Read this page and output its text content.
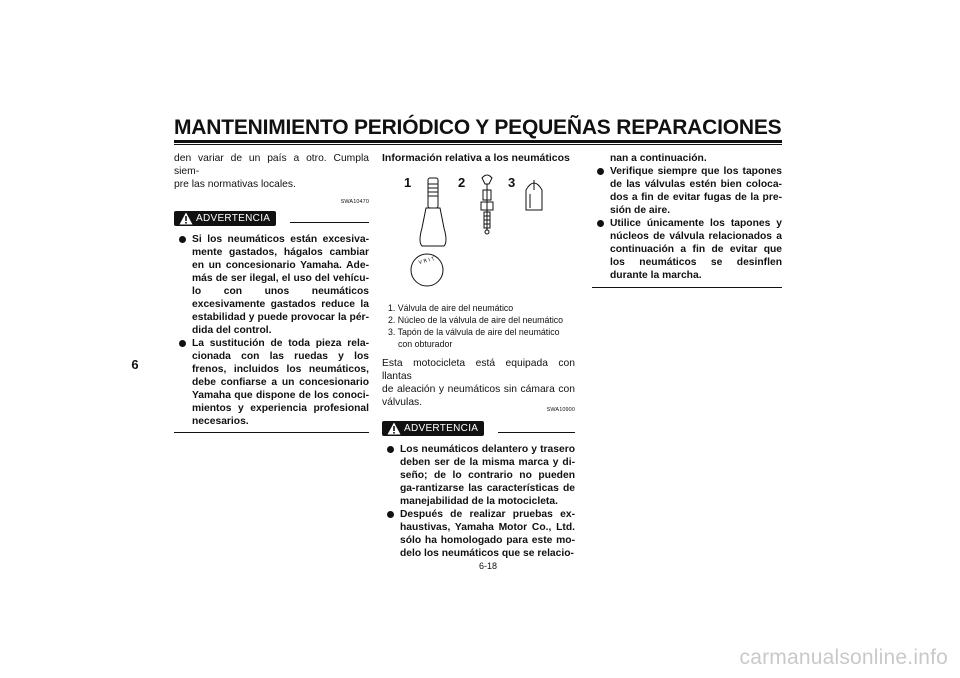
MANTENIMIENTO PERIÓDICO Y PEQUEÑAS REPARACIONES
6
den variar de un país a otro. Cumpla siem-
pre las normativas locales.
SWA10470
ADVERTENCIA
Si los neumáticos están excesiva-mente gastados, hágalos cambiar en un concesionario Yamaha. Ade-más de ser ilegal, el uso del vehícu-lo con unos neumáticos excesivamente gastados reduce la estabilidad y puede provocar la pér-dida del control.
La sustitución de toda pieza rela-cionada con las ruedas y los frenos, incluidos los neumáticos, debe confiarse a un concesionario Yamaha que dispone de los conoci-mientos y experiencia profesional necesarios.
Información relativa a los neumáticos
1	2	3
V R I T
1. Válvula de aire del neumático
2. Núcleo de la válvula de aire del neumático
3. Tapón de la válvula de aire del neumático
con obturador
Esta motocicleta está equipada con llantas
de aleación y neumáticos sin cámara con
válvulas.
SWA10900
ADVERTENCIA
Los neumáticos delantero y trasero deben ser de la misma marca y di-seño; de lo contrario no pueden ga-rantizarse las características de manejabilidad de la motocicleta.
Después de realizar pruebas ex-haustivas, Yamaha Motor Co., Ltd. sólo ha homologado para este mo-delo los neumáticos que se relacio-
nan a continuación.
Verifique siempre que los tapones de las válvulas estén bien coloca-dos a fin de evitar fugas de la pre-sión de aire.
Utilice únicamente los tapones y núcleos de válvula relacionados a continuación a fin de evitar que los neumáticos se desinflen durante la marcha.
6-18
carmanualsonline.info
